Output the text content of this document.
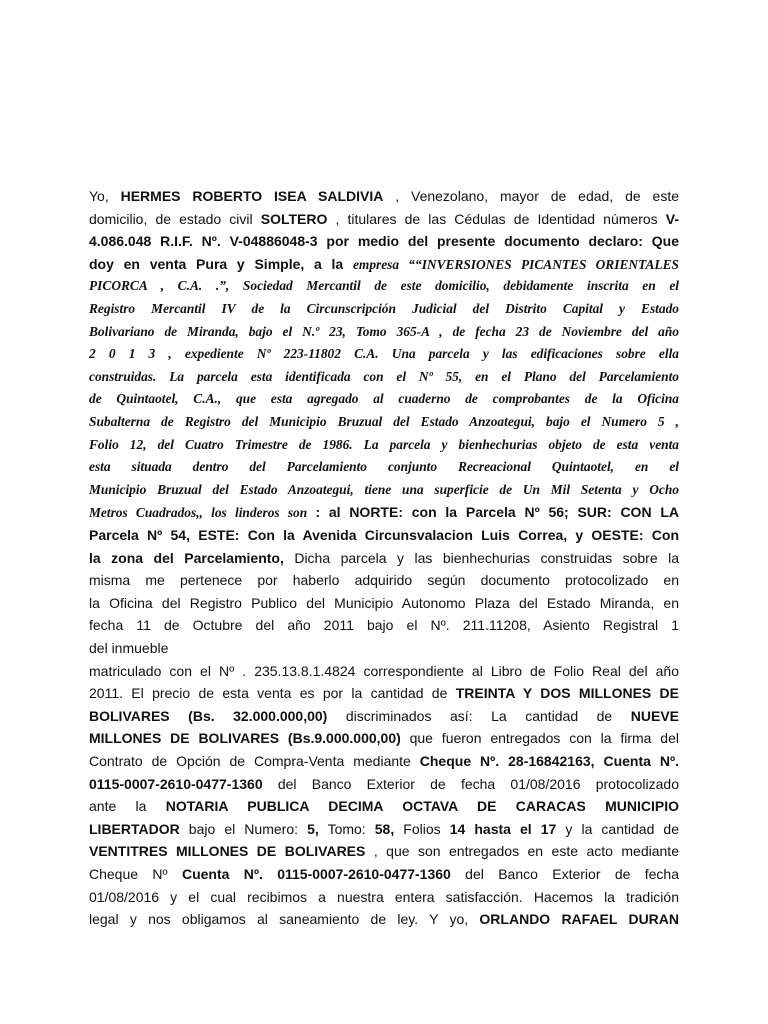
Yo, HERMES ROBERTO ISEA SALDIVIA , Venezolano, mayor de edad, de este
domicilio, de estado civil SOLTERO , titulares de las Cédulas de Identidad números V-
4.086.048 R.I.F. Nº. V-04886048-3 por medio del presente documento declaro: Que
doy en venta Pura y Simple, a la empresa ““INVERSIONES PICANTES ORIENTALES
PICORCA , C.A. .”, Sociedad Mercantil de este domicilio, debidamente inscrita en el
Registro Mercantil IV de la Circunscripción Judicial del Distrito Capital y Estado
Bolivariano de Miranda, bajo el N.º 23, Tomo 365-A , de fecha 23 de Noviembre del año
2 0 1 3 , expediente Nº 223-11802 C.A. Una parcela y las edificaciones sobre ella
construidas. La parcela esta identificada con el Nº 55, en el Plano del Parcelamiento
de Quintaotel, C.A., que esta agregado al cuaderno de comprobantes de la Oficina
Subalterna de Registro del Municipio Bruzual del Estado Anzoategui, bajo el Numero 5 ,
Folio 12, del Cuatro Trimestre de 1986. La parcela y bienhechurias objeto de esta venta
esta situada dentro del Parcelamiento conjunto Recreacional Quintaotel, en el
Municipio Bruzual del Estado Anzoategui, tiene una superficie de Un Mil Setenta y Ocho
Metros Cuadrados,, los linderos son : al NORTE: con la Parcela Nº 56; SUR: CON LA
Parcela Nº 54, ESTE: Con la Avenida Circunsvalacion Luis Correa, y OESTE: Con
la zona del Parcelamiento, Dicha parcela y las bienhechurias construidas sobre la
misma me pertenece por haberlo adquirido según documento protocolizado en
la Oficina del Registro Publico del Municipio Autonomo Plaza del Estado Miranda, en
fecha 11 de Octubre del año 2011 bajo el Nº. 211.11208, Asiento Registral 1
del inmueble
matriculado con el Nº . 235.13.8.1.4824 correspondiente al Libro de Folio Real del año
2011. El precio de esta venta es por la cantidad de TREINTA Y DOS MILLONES DE
BOLIVARES (Bs. 32.000.000,00) discriminados así: La cantidad de NUEVE
MILLONES DE BOLIVARES (Bs.9.000.000,00) que fueron entregados con la firma del
Contrato de Opción de Compra-Venta mediante Cheque Nº. 28-16842163, Cuenta Nº.
0115-0007-2610-0477-1360 del Banco Exterior de fecha 01/08/2016 protocolizado
ante la NOTARIA PUBLICA DECIMA OCTAVA DE CARACAS MUNICIPIO
LIBERTADOR bajo el Numero: 5, Tomo: 58, Folios 14 hasta el 17 y la cantidad de
VENTITRES MILLONES DE BOLIVARES , que son entregados en este acto mediante
Cheque Nº Cuenta Nº. 0115-0007-2610-0477-1360 del Banco Exterior de fecha
01/08/2016 y el cual recibimos a nuestra entera satisfacción. Hacemos la tradición
legal y nos obligamos al saneamiento de ley. Y yo, ORLANDO RAFAEL DURAN
